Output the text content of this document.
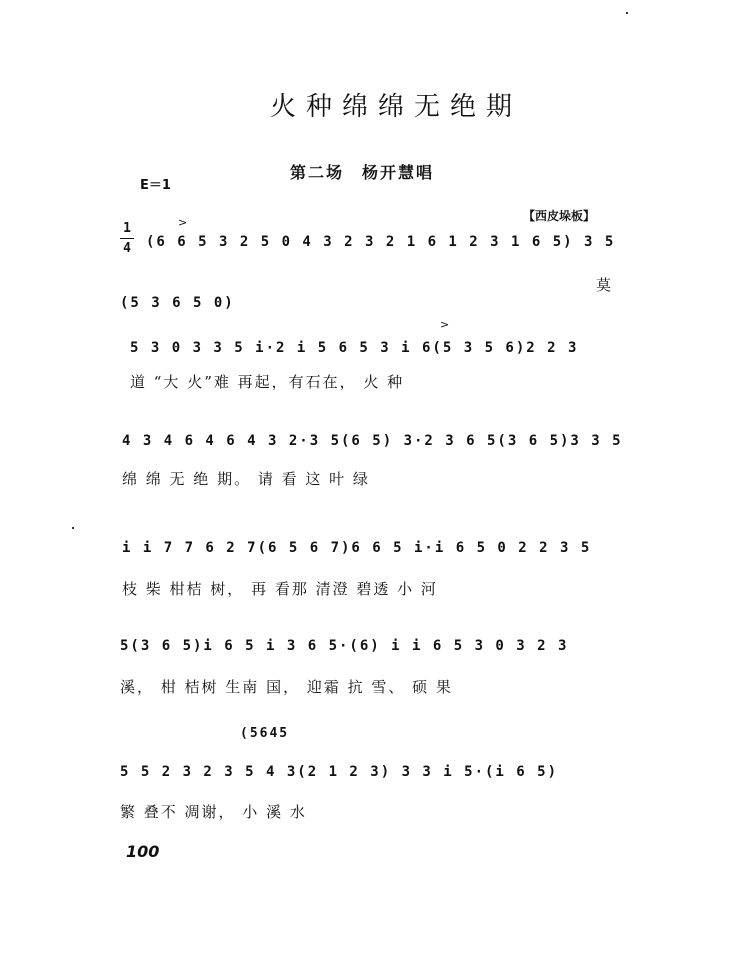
火种绵绵无绝期
第二场　杨开慧唱
E＝1
【西皮垛板】
1
4
>
(6 6 5 3 2 5 0 4 3 2 3 2 1 6 1 2 3 1 6 5) 3 5
莫
(5 3 6 5 0)
>
5 3 0 3 3 5 i·2 i 5 6 5 3 i 6(5 3 5 6)2 2 3
道 “大 火”难 再起，有石在， 火 种
4 3 4 6 4 6 4 3 2·3 5(6 5) 3·2 3 6 5(3 6 5)3 3 5
绵 绵 无 绝 期。 请 看 这 叶 绿
i i 7 7 6 2 7(6 5 6 7)6 6 5 i·i 6 5 0 2 2 3 5
枝 柴 柑桔 树， 再 看那 清澄 碧透 小 河
5(3 6 5)i 6 5 i 3 6 5·(6) i i 6 5 3 0 3 2 3
溪， 柑 桔树 生南 国， 迎霜 抗 雪、 硕 果
(5645
5 5 2 3 2 3 5 4 3(2 1 2 3) 3 3 i 5·(i 6 5)
繁 叠不 凋谢， 小 溪 水
100
